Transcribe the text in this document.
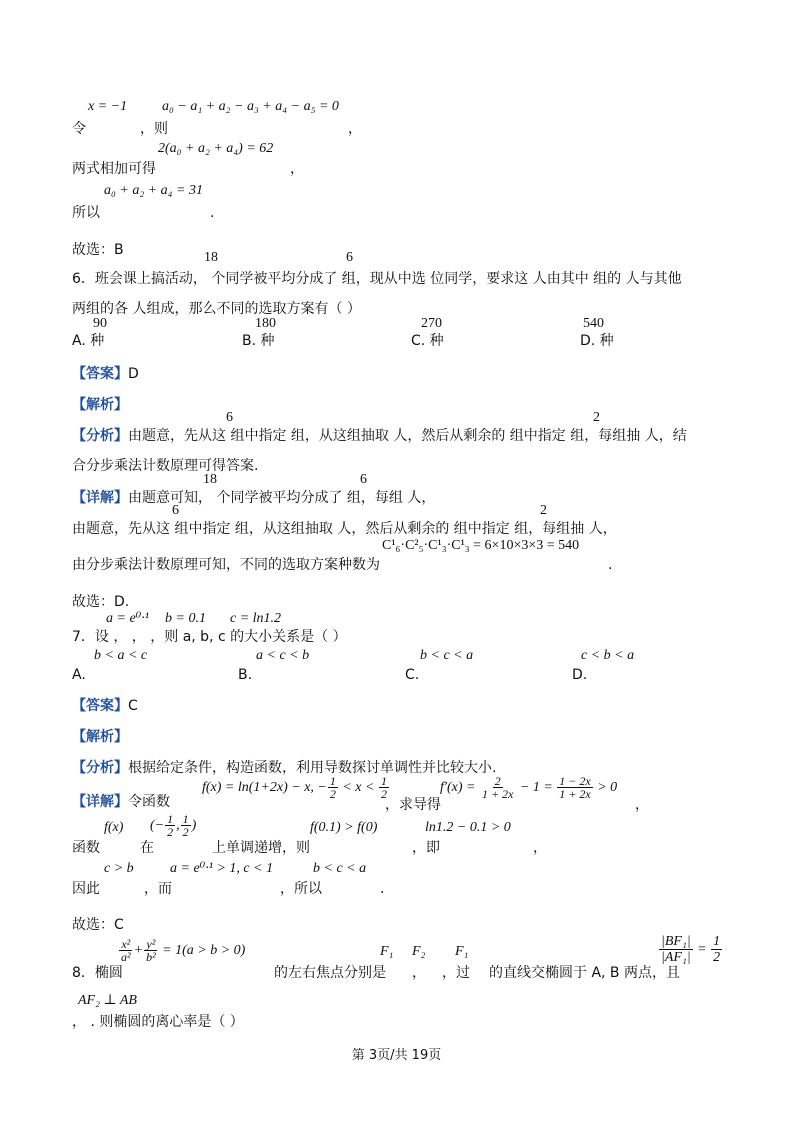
x = −1 a₀ − a₁ + a₂ − a₃ + a₄ − a₅ = 0
令	，则	，
2(a₀ + a₂ + a₄) = 62
两式相加可得	，
a₀ + a₂ + a₄ = 31
所以	.
故选：B	18	6
6．班会课上搞活动， 个同学被平均分成了 组，现从中选 位同学，要求这 人由其中 组的 人与其他
两组的各 人组成，那么不同的选取方案有（ ）
90	180	270	540
A. 种	B. 种	C. 种	D. 种
【答案】D
【解析】
6	2
【分析】由题意，先从这 组中指定 组，从这组抽取 人，然后从剩余的 组中指定 组，每组抽 人，结
合分步乘法计数原理可得答案.
18	6
【详解】由题意可知， 个同学被平均分成了 组，每组 人，
6	2
由题意，先从这 组中指定 组，从这组抽取 人，然后从剩余的 组中指定 组，每组抽 人，
C¹₆·C²₅·C¹₃·C¹₃ = 6×10×3×3 = 540
由分步乘法计数原理可知，不同的选取方案种数为	.
故选：D.
a = e⁰·¹ b = 0.1 c = ln1.2
7．设 ， ， ，则 a, b, c 的大小关系是（ ）
b < a < c	a < c < b	b < c < a	c < b < a
A.	B.	C.	D.
【答案】C
【解析】
【分析】根据给定条件，构造函数，利用导数探讨单调性并比较大小.
【详解】令函数
f(x) = ln(1+2x) − x, − $\frac{1}{2} < x < \frac{1}{2}$
，求导得
$f'(x) = \frac{2}{1 + 2x} - 1 = \frac{1 - 2x}{1 + 2x} > 0$
，
f(x) (− $\frac{1}{2}$ , $\frac{1}{2}$ )	f(0.1) > f(0)	ln1.2 − 0.1 > 0
函数	在	上单调递增，则	，即	，
c > b	a = e⁰·¹ > 1, c < 1	b < c < a
因此	，而	，所以	.
故选：C
8．椭圆
$\frac{\text{x²}}{\text{a²}} + \frac{\text{y²}}{\text{b²}} = 1(a > b > 0)$
的左右焦点分别是
F₁ F₂ F₁
， ，过 的直线交椭圆于 A, B 两点，且
$\frac{\text{|BF₁|}}{\text{|AF₁|}} = \frac{1}{2}$
AF₂ ⊥ AB
， . 则椭圆的离心率是（ ）
第 3页/共 19页
